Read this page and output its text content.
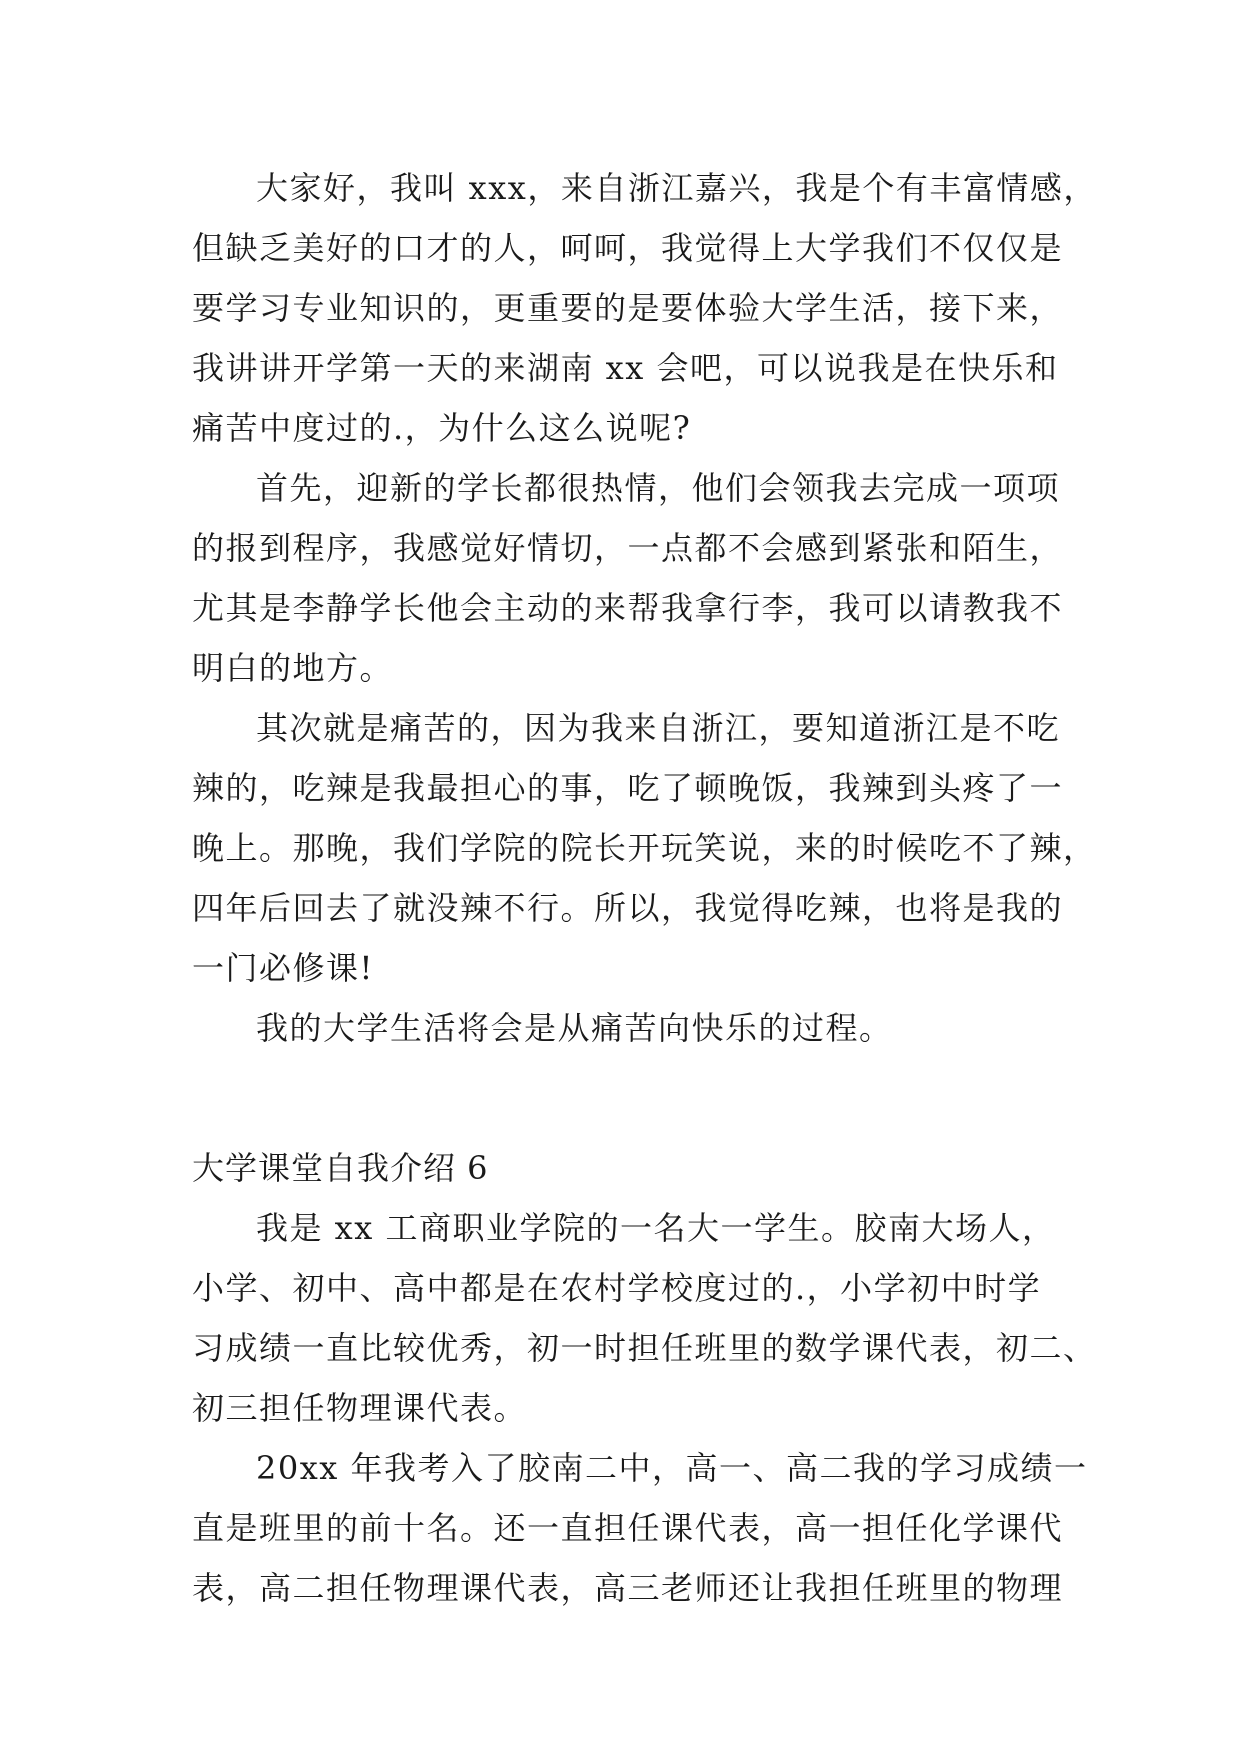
大家好，我叫 xxx，来自浙江嘉兴，我是个有丰富情感，
但缺乏美好的口才的人，呵呵，我觉得上大学我们不仅仅是
要学习专业知识的，更重要的是要体验大学生活，接下来，
我讲讲开学第一天的来湖南 xx 会吧，可以说我是在快乐和
痛苦中度过的.，为什么这么说呢?
首先，迎新的学长都很热情，他们会领我去完成一项项
的报到程序，我感觉好情切，一点都不会感到紧张和陌生，
尤其是李静学长他会主动的来帮我拿行李，我可以请教我不
明白的地方。
其次就是痛苦的，因为我来自浙江，要知道浙江是不吃
辣的，吃辣是我最担心的事，吃了顿晚饭，我辣到头疼了一
晚上。那晚，我们学院的院长开玩笑说，来的时候吃不了辣，
四年后回去了就没辣不行。所以，我觉得吃辣，也将是我的
一门必修课!
我的大学生活将会是从痛苦向快乐的过程。
大学课堂自我介绍 6
我是 xx 工商职业学院的一名大一学生。胶南大场人，
小学、初中、高中都是在农村学校度过的.，小学初中时学
习成绩一直比较优秀，初一时担任班里的数学课代表，初二、
初三担任物理课代表。
20xx 年我考入了胶南二中，高一、高二我的学习成绩一
直是班里的前十名。还一直担任课代表，高一担任化学课代
表，高二担任物理课代表，高三老师还让我担任班里的物理
